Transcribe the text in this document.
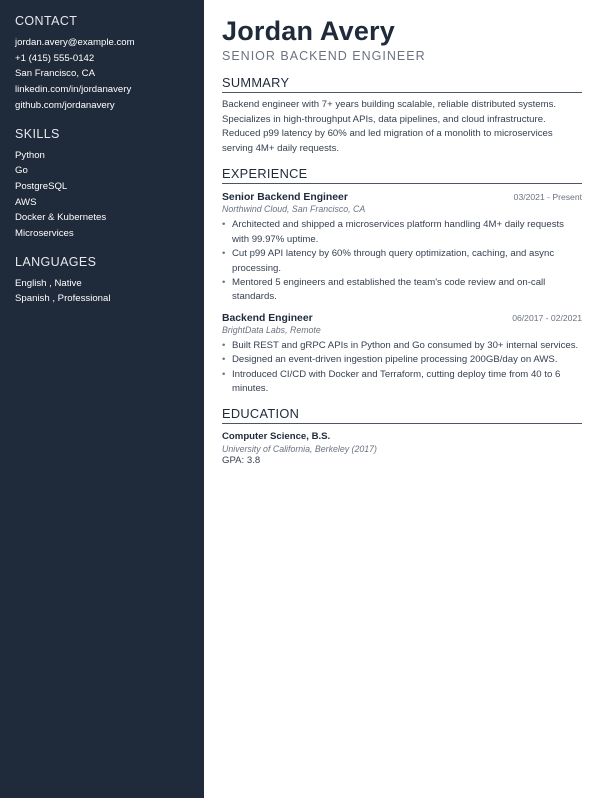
CONTACT
jordan.avery@example.com
+1 (415) 555-0142
San Francisco, CA
linkedin.com/in/jordanavery
github.com/jordanavery
SKILLS
Python
Go
PostgreSQL
AWS
Docker & Kubernetes
Microservices
LANGUAGES
English , Native
Spanish , Professional
Jordan Avery
SENIOR BACKEND ENGINEER
SUMMARY

Backend engineer with 7+ years building scalable, reliable distributed systems. Specializes in high-throughput APIs, data pipelines, and cloud infrastructure. Reduced p99 latency by 60% and led migration of a monolith to microservices serving 4M+ daily requests.

EXPERIENCE
Senior Backend Engineer	03/2021 - Present
Northwind Cloud, San Francisco, CA
• Architected and shipped a microservices platform handling 4M+ daily requests with 99.97% uptime.
• Cut p99 API latency by 60% through query optimization, caching, and async processing.
• Mentored 5 engineers and established the team's code review and on-call standards.
Backend Engineer	06/2017 - 02/2021
BrightData Labs, Remote
• Built REST and gRPC APIs in Python and Go consumed by 30+ internal services.
• Designed an event-driven ingestion pipeline processing 200GB/day on AWS.
• Introduced CI/CD with Docker and Terraform, cutting deploy time from 40 to 6 minutes.
EDUCATION
Computer Science, B.S.
University of California, Berkeley (2017)
GPA: 3.8
